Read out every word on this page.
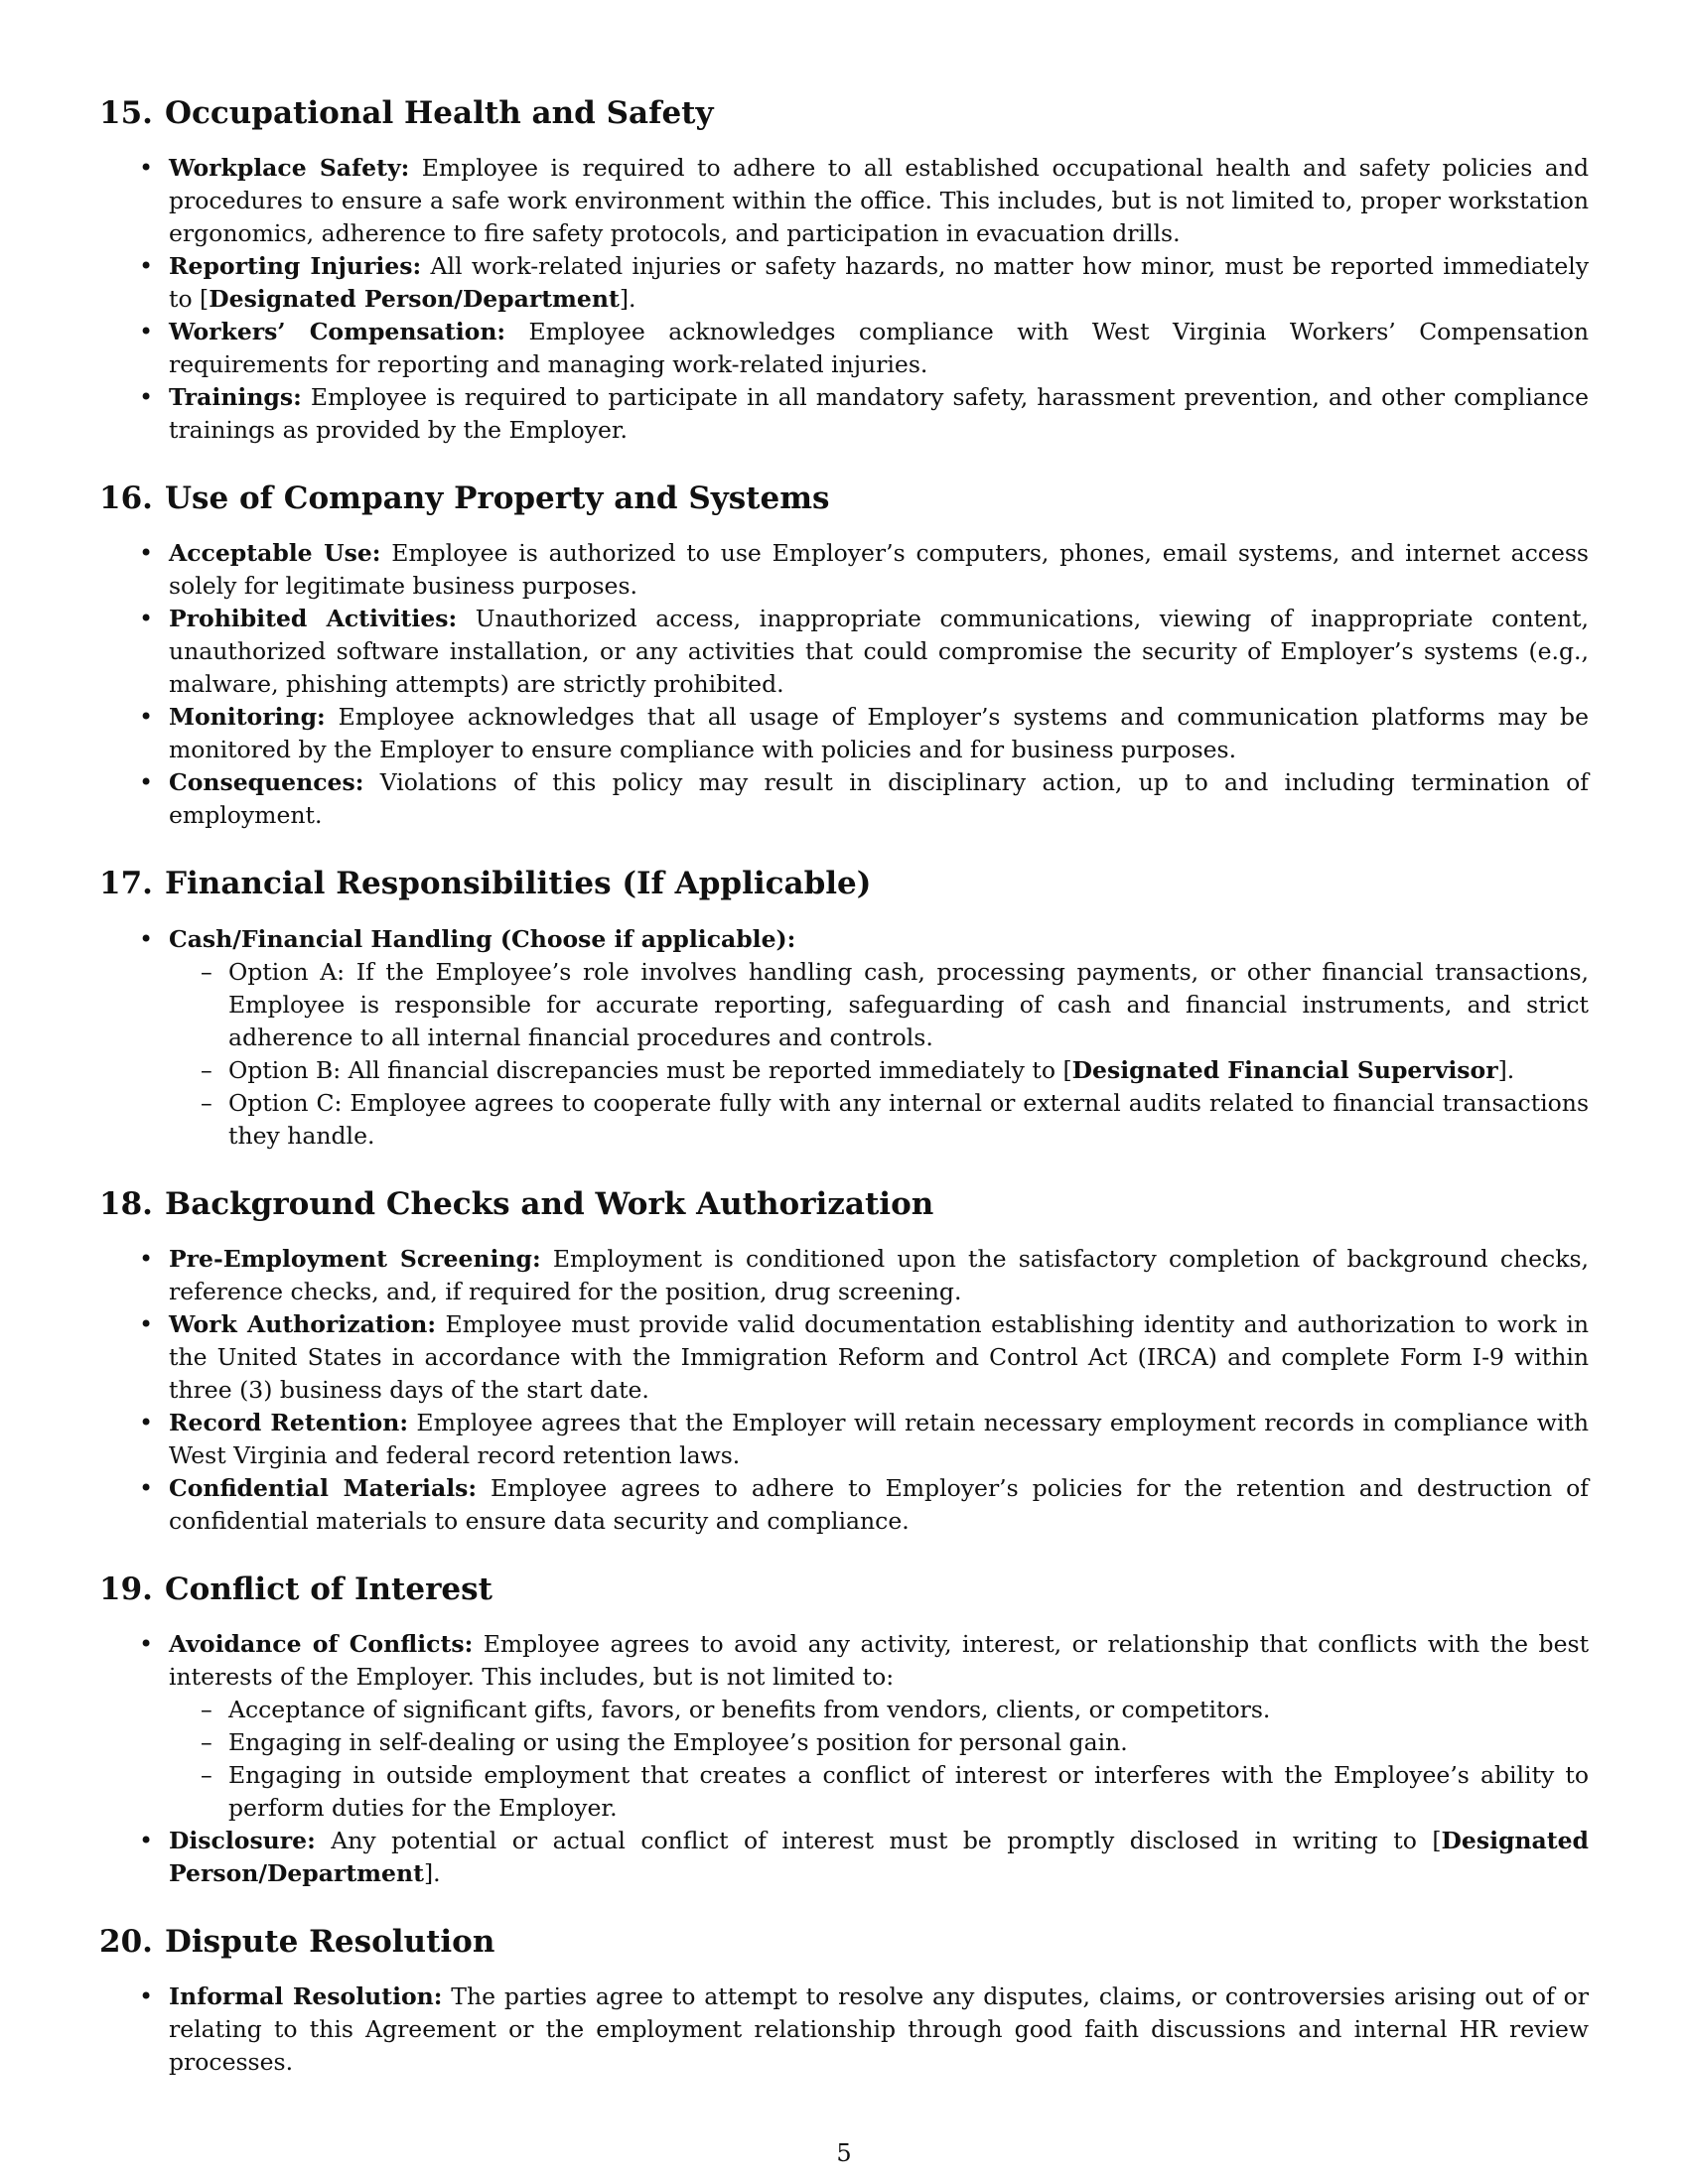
15. Occupational Health and Safety
• Workplace Safety: Employee is required to adhere to all established occupational health and safety policies and procedures to ensure a safe work environment within the office. This includes, but is not limited to, proper workstation ergonomics, adherence to fire safety protocols, and participation in evacuation drills.
• Reporting Injuries: All work-related injuries or safety hazards, no matter how minor, must be reported immediately to [Designated Person/Department].
• Workers’ Compensation: Employee acknowledges compliance with West Virginia Workers’ Compensation requirements for reporting and managing work-related injuries.
• Trainings: Employee is required to participate in all mandatory safety, harassment prevention, and other compliance trainings as provided by the Employer.
16. Use of Company Property and Systems
• Acceptable Use: Employee is authorized to use Employer’s computers, phones, email systems, and internet access solely for legitimate business purposes.
• Prohibited Activities: Unauthorized access, inappropriate communications, viewing of inappropriate content, unauthorized software installation, or any activities that could compromise the security of Employer’s systems (e.g., malware, phishing attempts) are strictly prohibited.
• Monitoring: Employee acknowledges that all usage of Employer’s systems and communication platforms may be monitored by the Employer to ensure compliance with policies and for business purposes.
• Consequences: Violations of this policy may result in disciplinary action, up to and including termination of employment.
17. Financial Responsibilities (If Applicable)
• Cash/Financial Handling (Choose if applicable):
– Option A: If the Employee’s role involves handling cash, processing payments, or other financial transactions, Employee is responsible for accurate reporting, safeguarding of cash and financial instruments, and strict adherence to all internal financial procedures and controls.
– Option B: All financial discrepancies must be reported immediately to [Designated Financial Supervisor].
– Option C: Employee agrees to cooperate fully with any internal or external audits related to financial transactions they handle.
18. Background Checks and Work Authorization
• Pre-Employment Screening: Employment is conditioned upon the satisfactory completion of background checks, reference checks, and, if required for the position, drug screening.
• Work Authorization: Employee must provide valid documentation establishing identity and authorization to work in the United States in accordance with the Immigration Reform and Control Act (IRCA) and complete Form I-9 within three (3) business days of the start date.
• Record Retention: Employee agrees that the Employer will retain necessary employment records in compliance with West Virginia and federal record retention laws.
• Confidential Materials: Employee agrees to adhere to Employer’s policies for the retention and destruction of confidential materials to ensure data security and compliance.
19. Conflict of Interest
• Avoidance of Conflicts: Employee agrees to avoid any activity, interest, or relationship that conflicts with the best interests of the Employer. This includes, but is not limited to:
– Acceptance of significant gifts, favors, or benefits from vendors, clients, or competitors.
– Engaging in self-dealing or using the Employee’s position for personal gain.
– Engaging in outside employment that creates a conflict of interest or interferes with the Employee’s ability to perform duties for the Employer.
• Disclosure: Any potential or actual conflict of interest must be promptly disclosed in writing to [Designated Person/Department].
20. Dispute Resolution
• Informal Resolution: The parties agree to attempt to resolve any disputes, claims, or controversies arising out of or relating to this Agreement or the employment relationship through good faith discussions and internal HR review processes.
5
